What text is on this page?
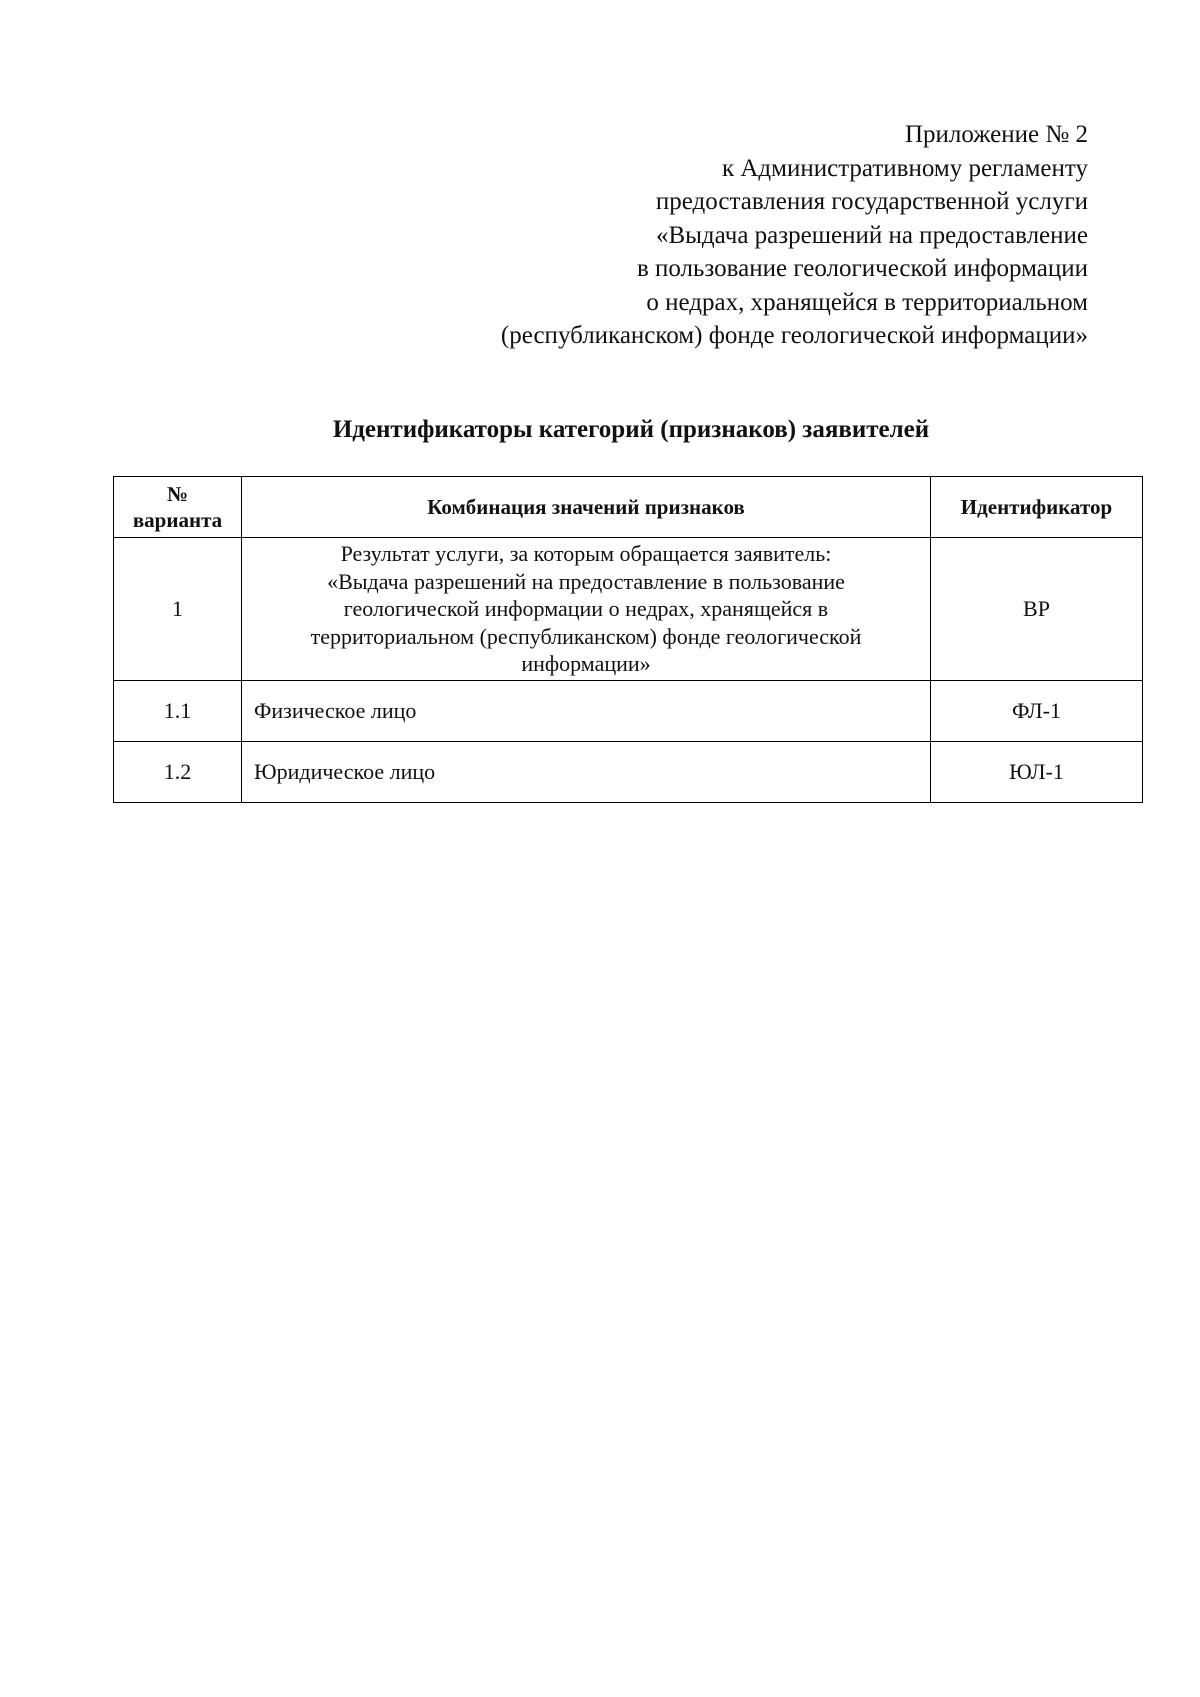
Приложение № 2
к Административному регламенту
предоставления государственной услуги
«Выдача разрешений на предоставление
в пользование геологической информации
о недрах, хранящейся в территориальном
(республиканском) фонде геологической информации»
Идентификаторы категорий (признаков) заявителей
№
варианта	Комбинация значений признаков	Идентификатор
1	Результат услуги, за которым обращается заявитель:
«Выдача разрешений на предоставление в пользование
геологической информации о недрах, хранящейся в
территориальном (республиканском) фонде геологической
информации»	ВР
1.1	Физическое лицо	ФЛ-1
1.2	Юридическое лицо	ЮЛ-1
